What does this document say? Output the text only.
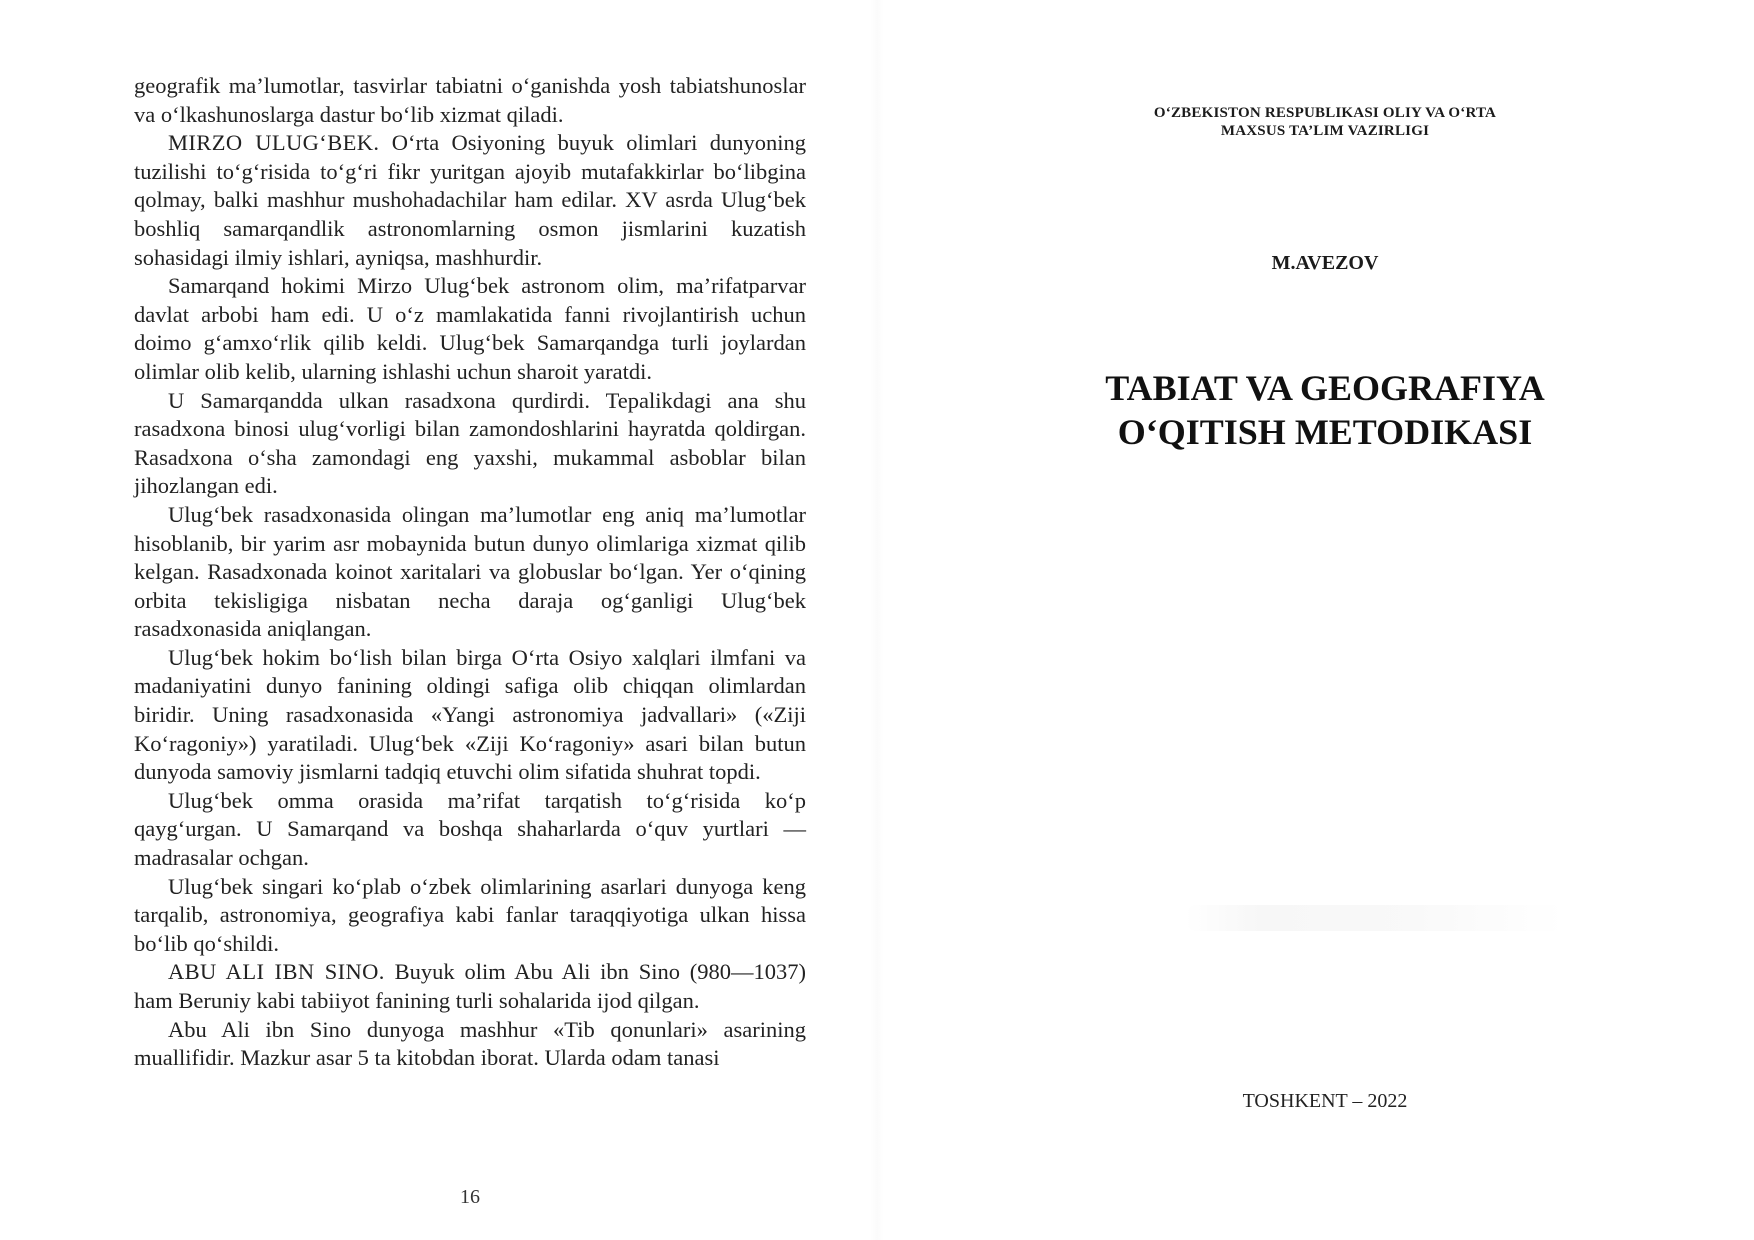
geografik ma’lumotlar, tasvirlar tabiatni o‘ganishda yosh tabiatshunoslar va o‘lkashunoslarga dastur bo‘lib xizmat qiladi.

MIRZO ULUG‘BEK. O‘rta Osiyoning buyuk olimlari dunyoning tuzilishi to‘g‘risida to‘g‘ri fikr yuritgan ajoyib mutafakkirlar bo‘libgina qolmay, balki mashhur mushohadachilar ham edilar. XV asrda Ulug‘bek boshliq samarqandlik astronomlarning osmon jismlarini kuzatish sohasidagi ilmiy ishlari, ayniqsa, mashhurdir.

Samarqand hokimi Mirzo Ulug‘bek astronom olim, ma’rifatparvar davlat arbobi ham edi. U o‘z mamlakatida fanni rivojlantirish uchun doimo g‘amxo‘rlik qilib keldi. Ulug‘bek Samarqandga turli joylardan olimlar olib kelib, ularning ishlashi uchun sharoit yaratdi.

U Samarqandda ulkan rasadxona qurdirdi. Tepalikdagi ana shu rasadxona binosi ulug‘vorligi bilan zamondoshlarini hayratda qoldirgan. Rasadxona o‘sha zamondagi eng yaxshi, mukammal asboblar bilan jihozlangan edi.

Ulug‘bek rasadxonasida olingan ma’lumotlar eng aniq ma’lumotlar hisoblanib, bir yarim asr mobaynida butun dunyo olimlariga xizmat qilib kelgan. Rasadxonada koinot xaritalari va globuslar bo‘lgan. Yer o‘qining orbita tekisligiga nisbatan necha daraja og‘ganligi Ulug‘bek rasadxonasida aniqlangan.

Ulug‘bek hokim bo‘lish bilan birga O‘rta Osiyo xalqlari ilmfani va madaniyatini dunyo fanining oldingi safiga olib chiqqan olimlardan biridir. Uning rasadxonasida «Yangi astronomiya jadvallari» («Ziji Ko‘ragoniy») yaratiladi. Ulug‘bek «Ziji Ko‘ragoniy» asari bilan butun dunyoda samoviy jismlarni tadqiq etuvchi olim sifatida shuhrat topdi.

Ulug‘bek omma orasida ma’rifat tarqatish to‘g‘risida ko‘p qayg‘urgan. U Samarqand va boshqa shaharlarda o‘quv yurtlari — madrasalar ochgan.

Ulug‘bek singari ko‘plab o‘zbek olimlarining asarlari dunyoga keng tarqalib, astronomiya, geografiya kabi fanlar taraqqiyotiga ulkan hissa bo‘lib qo‘shildi.

ABU ALI IBN SINO. Buyuk olim Abu Ali ibn Sino (980—1037) ham Beruniy kabi tabiiyot fanining turli sohalarida ijod qilgan.

Abu Ali ibn Sino dunyoga mashhur «Tib qonunlari» asarining muallifidir. Mazkur asar 5 ta kitobdan iborat. Ularda odam tanasi

16
O‘ZBEKISTON RESPUBLIKASI OLIY VA O‘RTA
MAXSUS TA’LIM VAZIRLIGI
M.AVEZOV
TABIAT VA GEOGRAFIYA
O‘QITISH METODIKASI
TOSHKENT – 2022
